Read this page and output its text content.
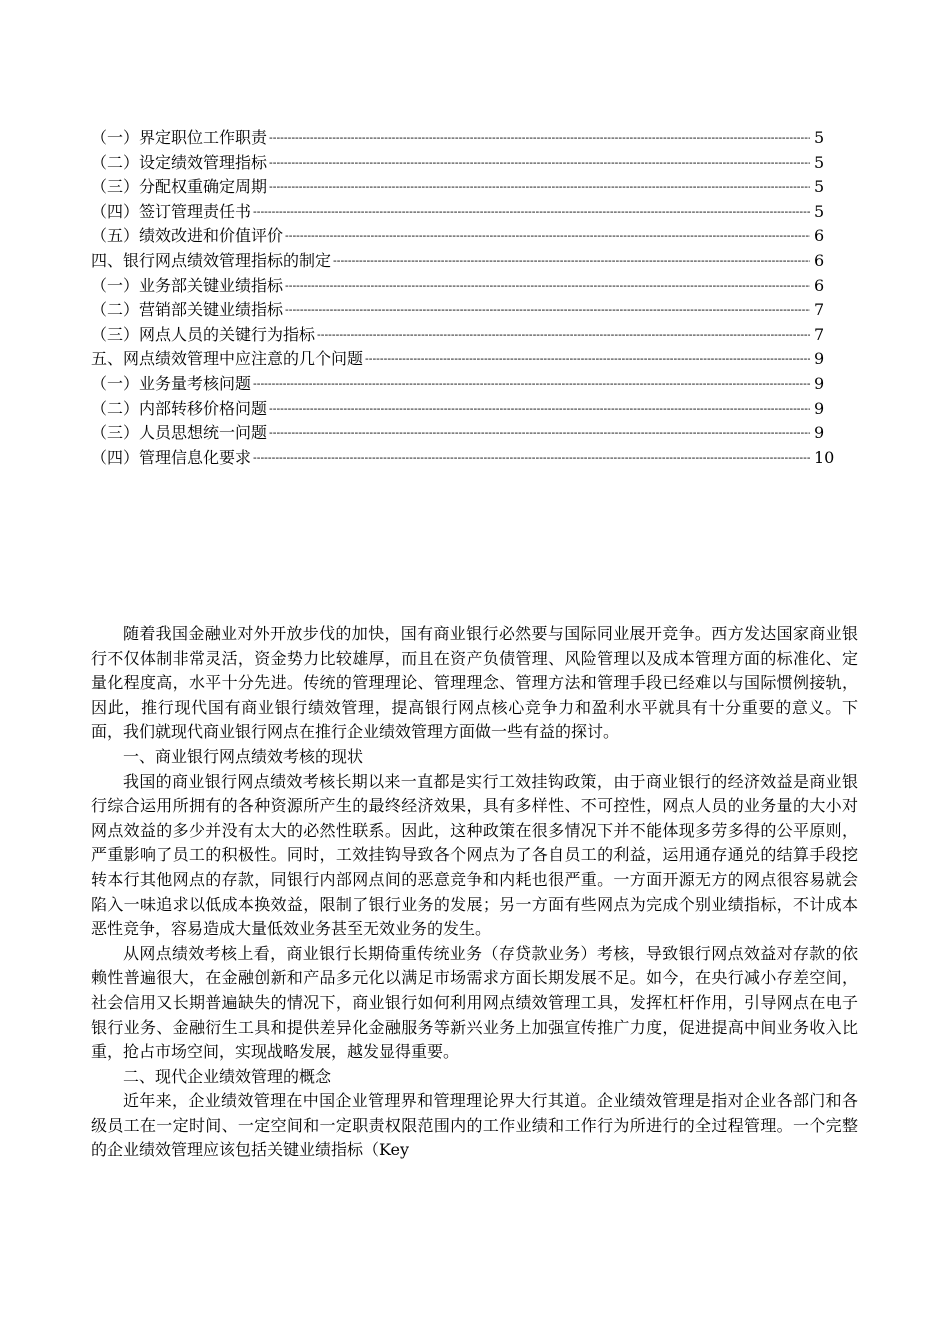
（一）界定职位工作职责 -----	5
（二）设定绩效管理指标 -----	5
（三）分配权重确定周期 -----	5
（四）签订管理责任书 -----	5
（五）绩效改进和价值评价 -----	6
四、银行网点绩效管理指标的制定 -----	6
（一）业务部关键业绩指标 -----	6
（二）营销部关键业绩指标 -----	7
（三）网点人员的关键行为指标 -----	7
五、网点绩效管理中应注意的几个问题 -----	9
（一）业务量考核问题 -----	9
（二）内部转移价格问题 -----	9
（三）人员思想统一问题 -----	9
（四）管理信息化要求 -----	10

随着我国金融业对外开放步伐的加快，国有商业银行必然要与国际同业展开竞争。西方发达国家商业银行不仅体制非常灵活，资金势力比较雄厚，而且在资产负债管理、风险管理以及成本管理方面的标准化、定量化程度高，水平十分先进。传统的管理理论、管理理念、管理方法和管理手段已经难以与国际惯例接轨，因此，推行现代国有商业银行绩效管理，提高银行网点核心竞争力和盈利水平就具有十分重要的意义。下面，我们就现代商业银行网点在推行企业绩效管理方面做一些有益的探讨。

一、商业银行网点绩效考核的现状

我国的商业银行网点绩效考核长期以来一直都是实行工效挂钩政策，由于商业银行的经济效益是商业银行综合运用所拥有的各种资源所产生的最终经济效果，具有多样性、不可控性，网点人员的业务量的大小对网点效益的多少并没有太大的必然性联系。因此，这种政策在很多情况下并不能体现多劳多得的公平原则，严重影响了员工的积极性。同时，工效挂钩导致各个网点为了各自员工的利益，运用通存通兑的结算手段挖转本行其他网点的存款，同银行内部网点间的恶意竞争和内耗也很严重。一方面开源无方的网点很容易就会陷入一味追求以低成本换效益，限制了银行业务的发展；另一方面有些网点为完成个别业绩指标，不计成本恶性竞争，容易造成大量低效业务甚至无效业务的发生。

从网点绩效考核上看，商业银行长期倚重传统业务（存贷款业务）考核，导致银行网点效益对存款的依赖性普遍很大，在金融创新和产品多元化以满足市场需求方面长期发展不足。如今，在央行减小存差空间，社会信用又长期普遍缺失的情况下，商业银行如何利用网点绩效管理工具，发挥杠杆作用，引导网点在电子银行业务、金融衍生工具和提供差异化金融服务等新兴业务上加强宣传推广力度，促进提高中间业务收入比重，抢占市场空间，实现战略发展，越发显得重要。

二、现代企业绩效管理的概念

近年来，企业绩效管理在中国企业管理界和管理理论界大行其道。企业绩效管理是指对企业各部门和各级员工在一定时间、一定空间和一定职责权限范围内的工作业绩和工作行为所进行的全过程管理。一个完整的企业绩效管理应该包括关键业绩指标（Key
